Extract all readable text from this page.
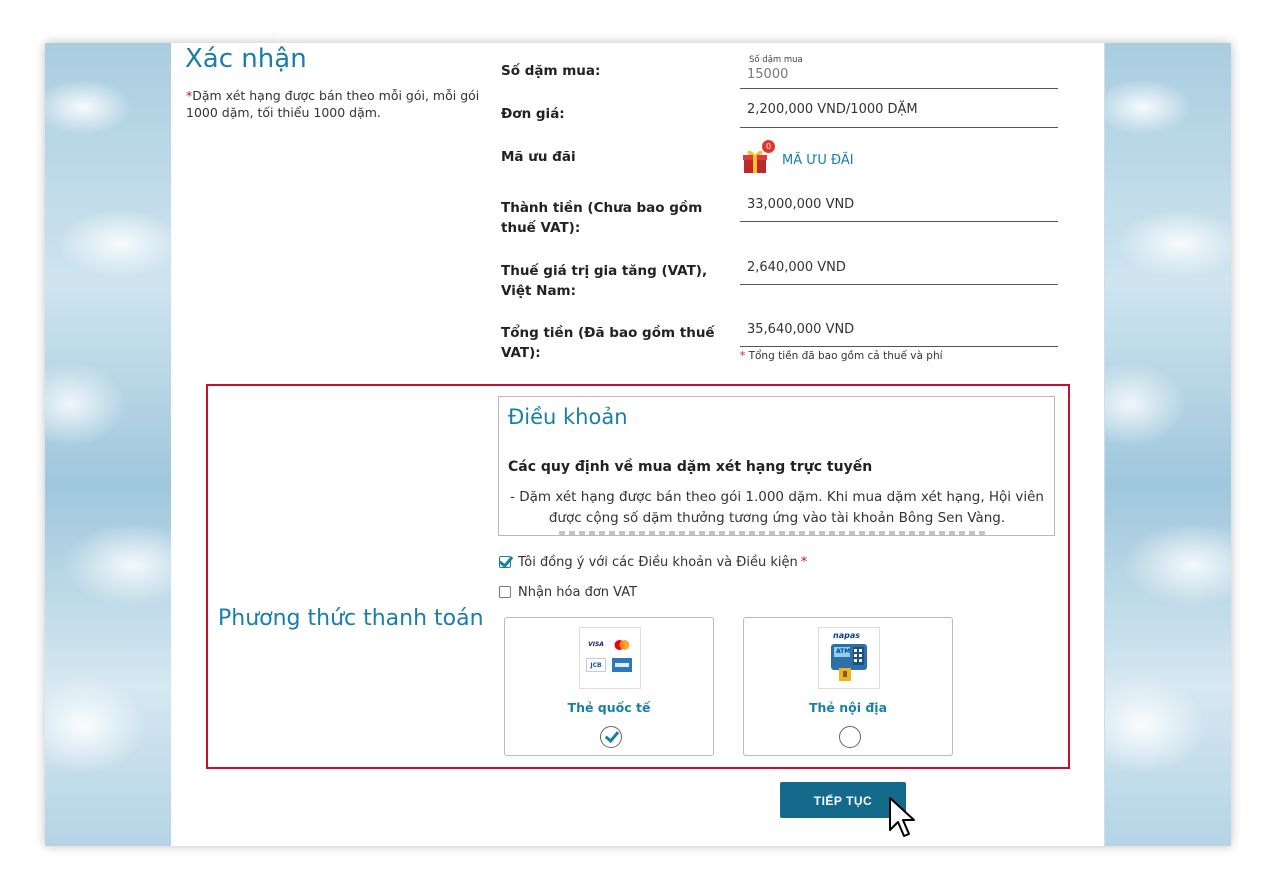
Xác nhận
*Dặm xét hạng được bán theo mỗi gói, mỗi gói 1000 dặm, tối thiểu 1000 dặm.
Số dặm mua:
Số dặm mua
15000
Đơn giá:	2,200,000 VND/1000 DẶM
Mã ưu đãi
0
MÃ ƯU ĐÃI
Thành tiền (Chưa bao gồm thuế VAT):
33,000,000 VND
Thuế giá trị gia tăng (VAT), Việt Nam:
2,640,000 VND
Tổng tiền (Đã bao gồm thuế VAT):
35,640,000 VND
* Tổng tiền đã bao gồm cả thuế và phí
Điều khoản
Các quy định về mua dặm xét hạng trực tuyến
- Dặm xét hạng được bán theo gói 1.000 dặm. Khi mua dặm xét hạng, Hội viên được cộng số dặm thưởng tương ứng vào tài khoản Bông Sen Vàng.
Tôi đồng ý với các Điều khoản và Điều kiện *
Nhận hóa đơn VAT
Phương thức thanh toán
VISA
JCB
Thẻ quốc tế
napas
ATM
Thẻ nội địa
TIẾP TỤC
